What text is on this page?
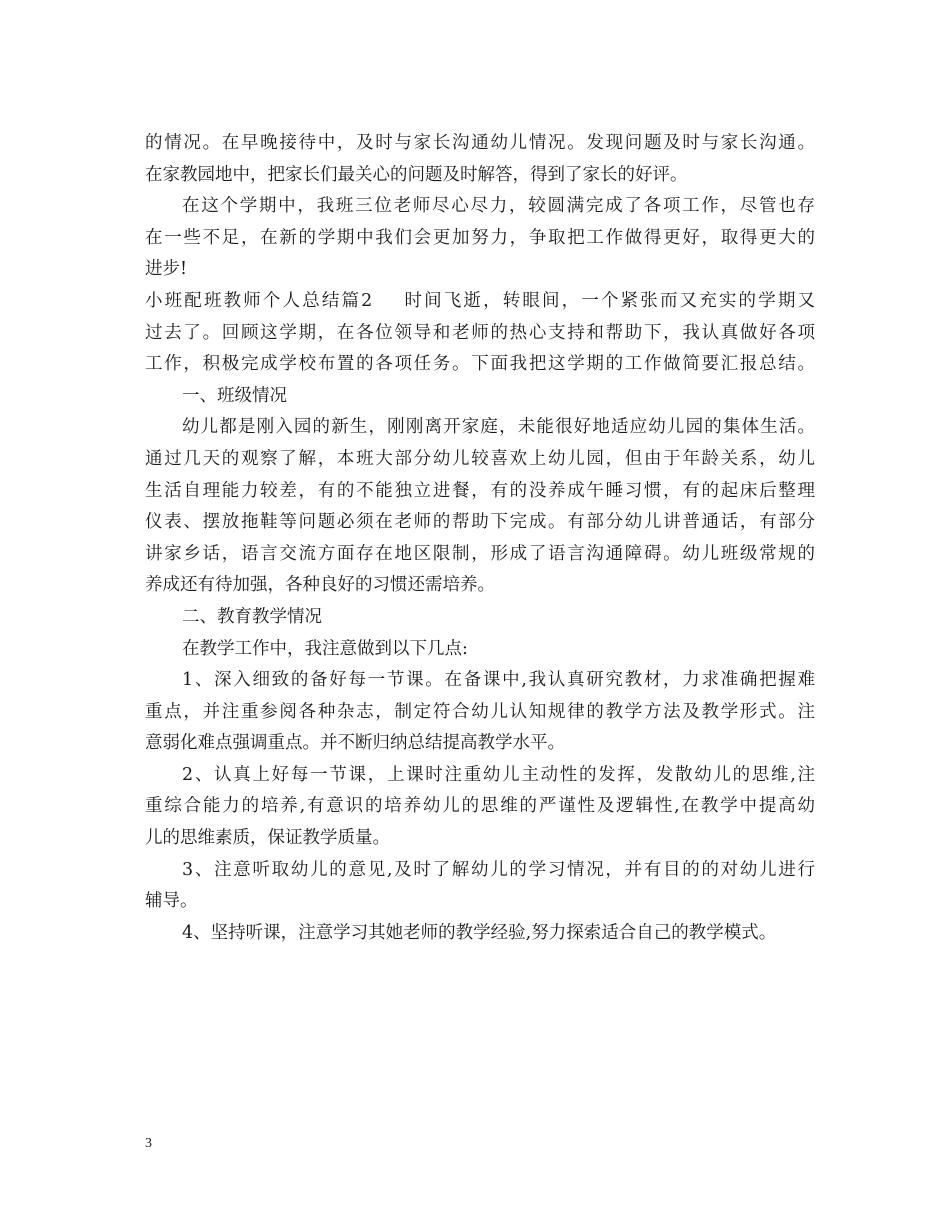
的情况。在早晚接待中，及时与家长沟通幼儿情况。发现问题及时与家长沟通。
在家教园地中，把家长们最关心的问题及时解答，得到了家长的好评。
在这个学期中，我班三位老师尽心尽力，较圆满完成了各项工作，尽管也存
在一些不足，在新的学期中我们会更加努力，争取把工作做得更好，取得更大的
进步!
小班配班教师个人总结篇2 时间飞逝，转眼间，一个紧张而又充实的学期又
过去了。回顾这学期，在各位领导和老师的热心支持和帮助下，我认真做好各项
工作，积极完成学校布置的各项任务。下面我把这学期的工作做简要汇报总结。
一、班级情况
幼儿都是刚入园的新生，刚刚离开家庭，未能很好地适应幼儿园的集体生活。
通过几天的观察了解，本班大部分幼儿较喜欢上幼儿园，但由于年龄关系，幼儿
生活自理能力较差，有的不能独立进餐，有的没养成午睡习惯，有的起床后整理
仪表、摆放拖鞋等问题必须在老师的帮助下完成。有部分幼儿讲普通话，有部分
讲家乡话，语言交流方面存在地区限制，形成了语言沟通障碍。幼儿班级常规的
养成还有待加强，各种良好的习惯还需培养。
二、教育教学情况
在教学工作中，我注意做到以下几点:
1、深入细致的备好每一节课。在备课中,我认真研究教材，力求准确把握难
重点，并注重参阅各种杂志，制定符合幼儿认知规律的教学方法及教学形式。注
意弱化难点强调重点。并不断归纳总结提高教学水平。
2、认真上好每一节课，上课时注重幼儿主动性的发挥，发散幼儿的思维,注
重综合能力的培养,有意识的培养幼儿的思维的严谨性及逻辑性,在教学中提高幼
儿的思维素质，保证教学质量。
3、注意听取幼儿的意见,及时了解幼儿的学习情况，并有目的的对幼儿进行
辅导。
4、坚持听课，注意学习其她老师的教学经验,努力探索适合自己的教学模式。
3
